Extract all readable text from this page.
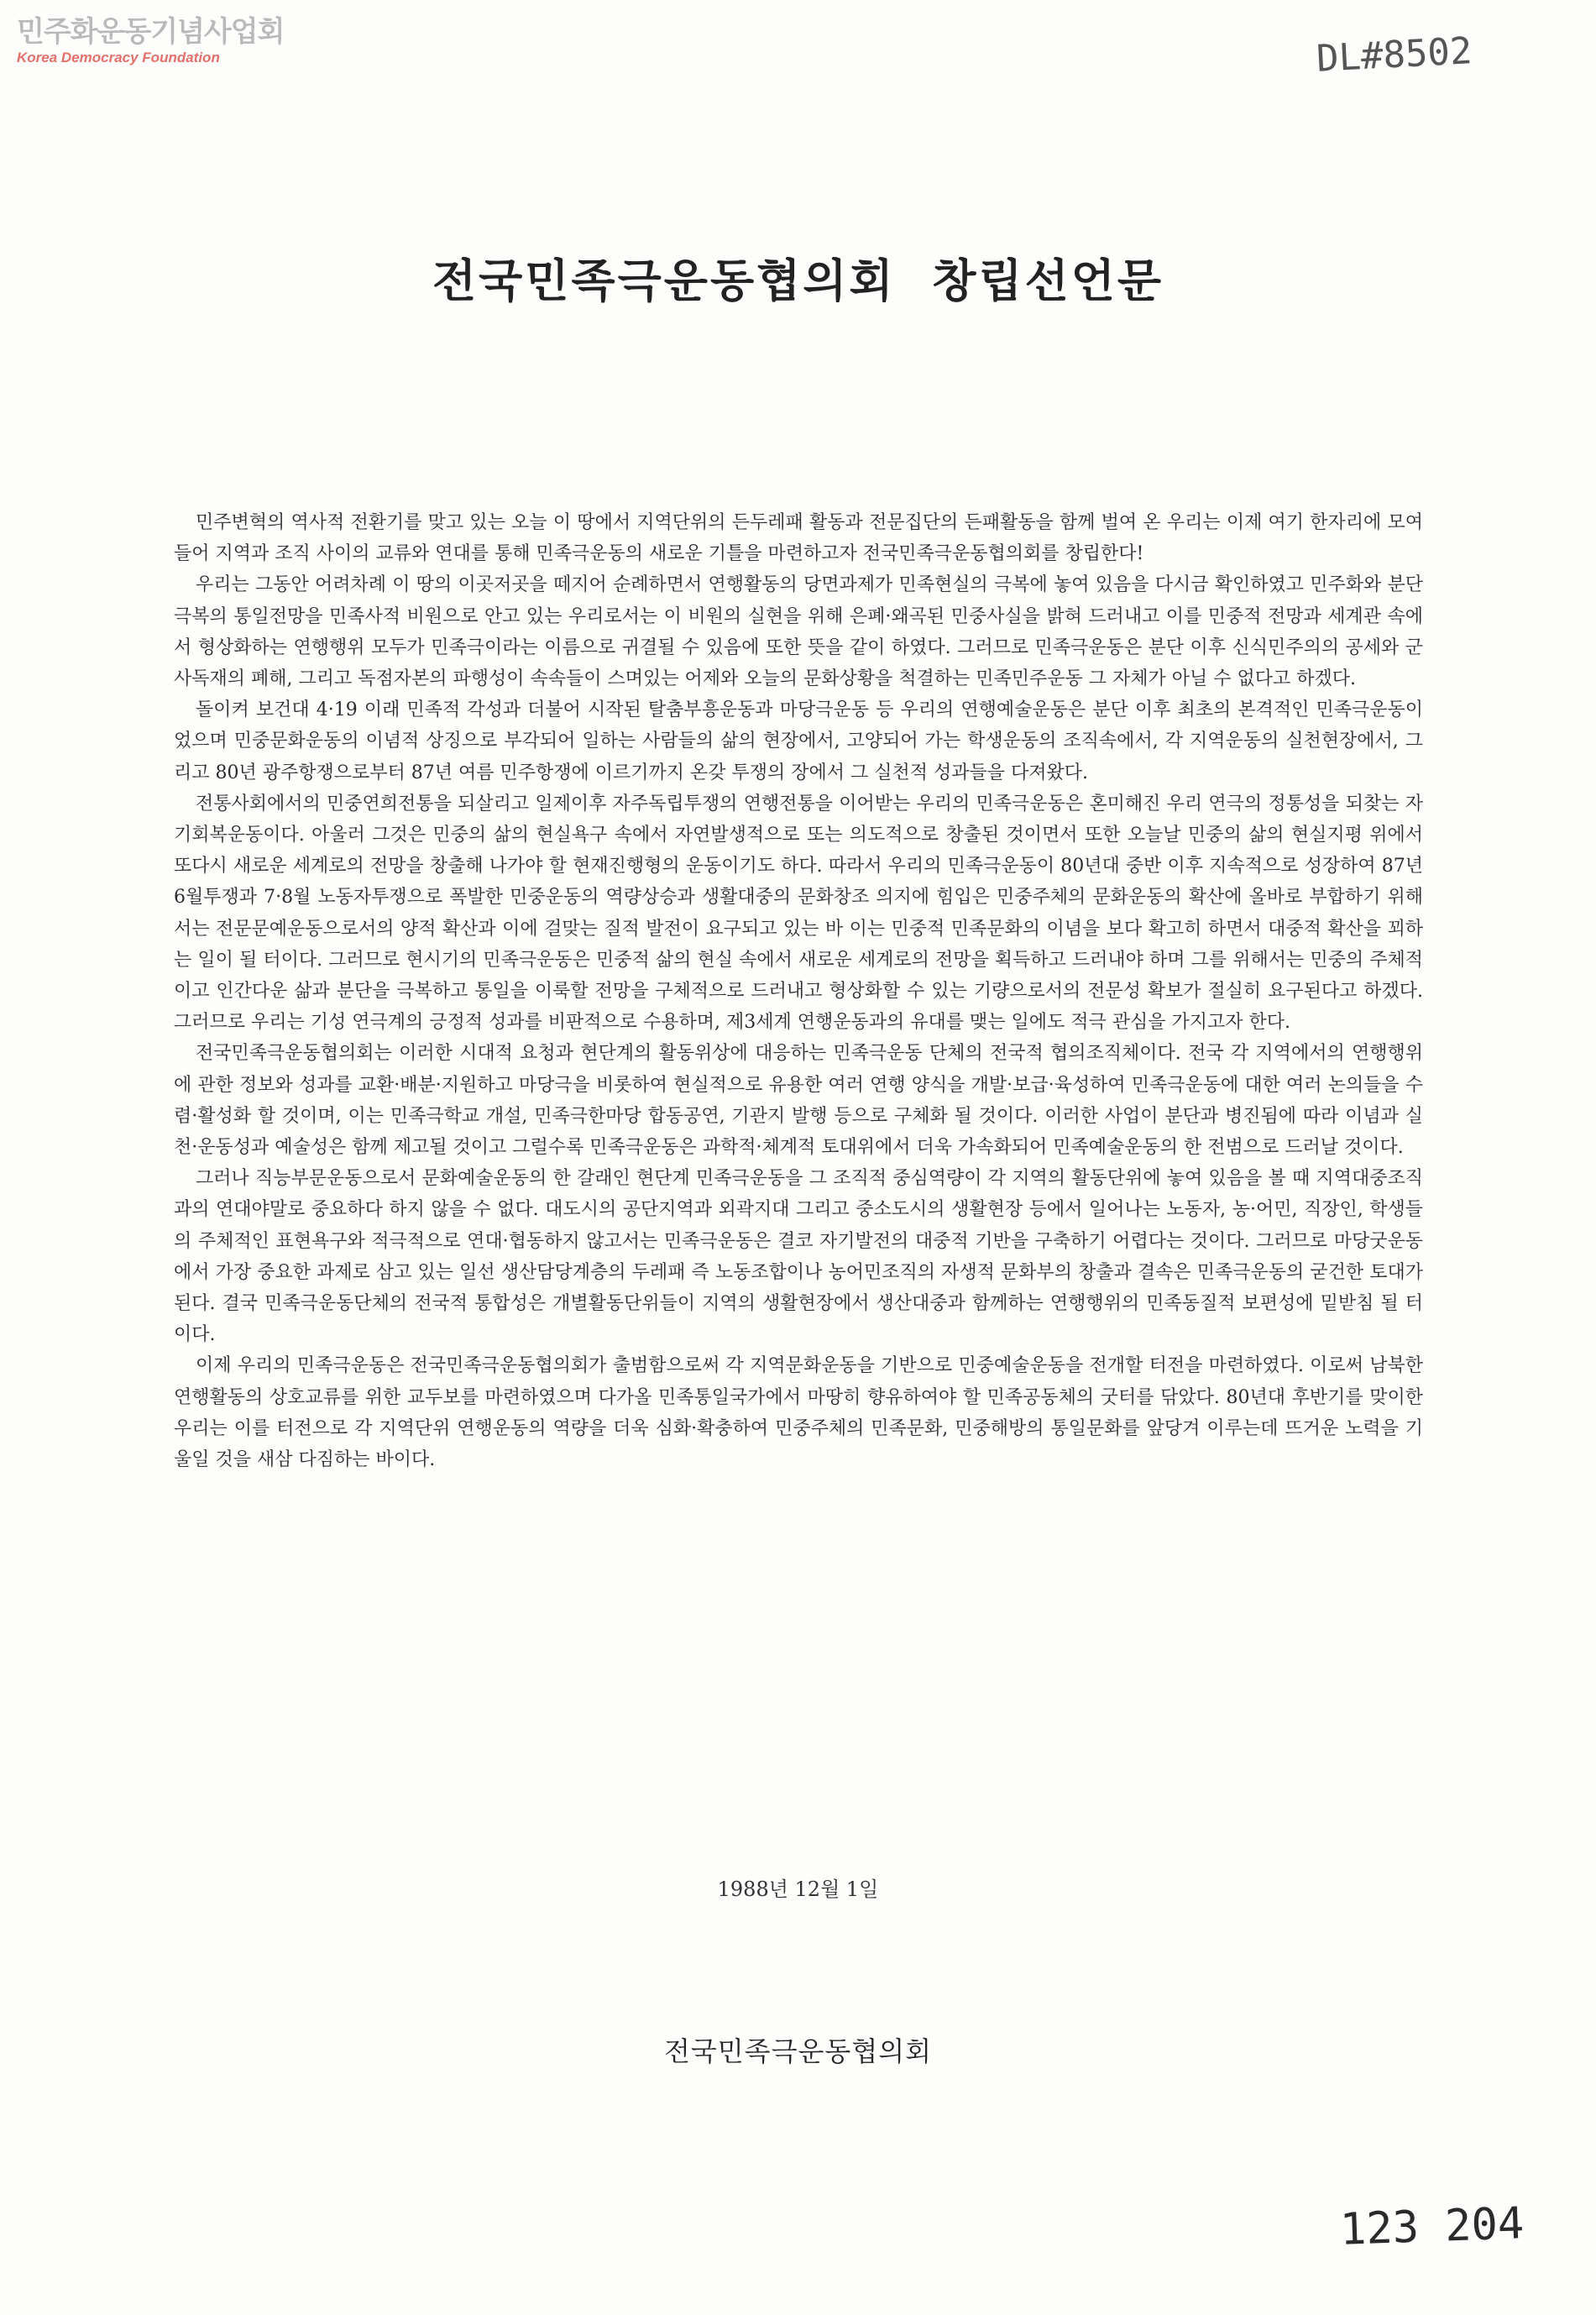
민주화운동기념사업회
Korea Democracy Foundation	DL#8502
전국민족극운동협의회  창립선언문

민주변혁의 역사적 전환기를 맞고 있는 오늘 이 땅에서 지역단위의 든두레패 활동과 전문집단의 든패활동을 함께 벌여 온 우리는 이제 여기 한자리에 모여 들어 지역과 조직 사이의 교류와 연대를 통해 민족극운동의 새로운 기틀을 마련하고자 전국민족극운동협의회를 창립한다!

우리는 그동안 어려차례 이 땅의 이곳저곳을 떼지어 순례하면서 연행활동의 당면과제가 민족현실의 극복에 놓여 있음을 다시금 확인하였고 민주화와 분단극복의 통일전망을 민족사적 비원으로 안고 있는 우리로서는 이 비원의 실현을 위해 은폐·왜곡된 민중사실을 밝혀 드러내고 이를 민중적 전망과 세계관 속에서 형상화하는 연행행위 모두가 민족극이라는 이름으로 귀결될 수 있음에 또한 뜻을 같이 하였다. 그러므로 민족극운동은 분단 이후 신식민주의의 공세와 군사독재의 폐해, 그리고 독점자본의 파행성이 속속들이 스며있는 어제와 오늘의 문화상황을 척결하는 민족민주운동 그 자체가 아닐 수 없다고 하겠다.

돌이켜 보건대 4·19 이래 민족적 각성과 더불어 시작된 탈춤부흥운동과 마당극운동 등 우리의 연행예술운동은 분단 이후 최초의 본격적인 민족극운동이었으며 민중문화운동의 이념적 상징으로 부각되어 일하는 사람들의 삶의 현장에서, 고양되어 가는 학생운동의 조직속에서, 각 지역운동의 실천현장에서, 그리고 80년 광주항쟁으로부터 87년 여름 민주항쟁에 이르기까지 온갖 투쟁의 장에서 그 실천적 성과들을 다져왔다.

전통사회에서의 민중연희전통을 되살리고 일제이후 자주독립투쟁의 연행전통을 이어받는 우리의 민족극운동은 혼미해진 우리 연극의 정통성을 되찾는 자기회복운동이다. 아울러 그것은 민중의 삶의 현실욕구 속에서 자연발생적으로 또는 의도적으로 창출된 것이면서 또한 오늘날 민중의 삶의 현실지평 위에서 또다시 새로운 세계로의 전망을 창출해 나가야 할 현재진행형의 운동이기도 하다. 따라서 우리의 민족극운동이 80년대 중반 이후 지속적으로 성장하여 87년 6월투쟁과 7·8월 노동자투쟁으로 폭발한 민중운동의 역량상승과 생활대중의 문화창조 의지에 힘입은 민중주체의 문화운동의 확산에 올바로 부합하기 위해서는 전문문예운동으로서의 양적 확산과 이에 걸맞는 질적 발전이 요구되고 있는 바 이는 민중적 민족문화의 이념을 보다 확고히 하면서 대중적 확산을 꾀하는 일이 될 터이다. 그러므로 현시기의 민족극운동은 민중적 삶의 현실 속에서 새로운 세계로의 전망을 획득하고 드러내야 하며 그를 위해서는 민중의 주체적이고 인간다운 삶과 분단을 극복하고 통일을 이룩할 전망을 구체적으로 드러내고 형상화할 수 있는 기량으로서의 전문성 확보가 절실히 요구된다고 하겠다. 그러므로 우리는 기성 연극계의 긍정적 성과를 비판적으로 수용하며, 제3세계 연행운동과의 유대를 맺는 일에도 적극 관심을 가지고자 한다.

전국민족극운동협의회는 이러한 시대적 요청과 현단계의 활동위상에 대응하는 민족극운동 단체의 전국적 협의조직체이다. 전국 각 지역에서의 연행행위에 관한 정보와 성과를 교환·배분·지원하고 마당극을 비롯하여 현실적으로 유용한 여러 연행 양식을 개발·보급·육성하여 민족극운동에 대한 여러 논의들을 수렴·활성화 할 것이며, 이는 민족극학교 개설, 민족극한마당 합동공연, 기관지 발행 등으로 구체화 될 것이다. 이러한 사업이 분단과 병진됨에 따라 이념과 실천·운동성과 예술성은 함께 제고될 것이고 그럴수록 민족극운동은 과학적·체계적 토대위에서 더욱 가속화되어 민족예술운동의 한 전범으로 드러날 것이다.

그러나 직능부문운동으로서 문화예술운동의 한 갈래인 현단계 민족극운동을 그 조직적 중심역량이 각 지역의 활동단위에 놓여 있음을 볼 때 지역대중조직과의 연대야말로 중요하다 하지 않을 수 없다. 대도시의 공단지역과 외곽지대 그리고 중소도시의 생활현장 등에서 일어나는 노동자, 농·어민, 직장인, 학생들의 주체적인 표현욕구와 적극적으로 연대·협동하지 않고서는 민족극운동은 결코 자기발전의 대중적 기반을 구축하기 어렵다는 것이다. 그러므로 마당굿운동에서 가장 중요한 과제로 삼고 있는 일선 생산담당계층의 두레패 즉 노동조합이나 농어민조직의 자생적 문화부의 창출과 결속은 민족극운동의 굳건한 토대가 된다. 결국 민족극운동단체의 전국적 통합성은 개별활동단위들이 지역의 생활현장에서 생산대중과 함께하는 연행행위의 민족동질적 보편성에 밑받침 될 터이다.

이제 우리의 민족극운동은 전국민족극운동협의회가 출범함으로써 각 지역문화운동을 기반으로 민중예술운동을 전개할 터전을 마련하였다. 이로써 남북한 연행활동의 상호교류를 위한 교두보를 마련하였으며 다가올 민족통일국가에서 마땅히 향유하여야 할 민족공동체의 굿터를 닦았다. 80년대 후반기를 맞이한 우리는 이를 터전으로 각 지역단위 연행운동의 역량을 더욱 심화·확충하여 민중주체의 민족문화, 민중해방의 통일문화를 앞당겨 이루는데 뜨거운 노력을 기울일 것을 새삼 다짐하는 바이다.

1988년 12월 1일
전국민족극운동협의회
123 204
